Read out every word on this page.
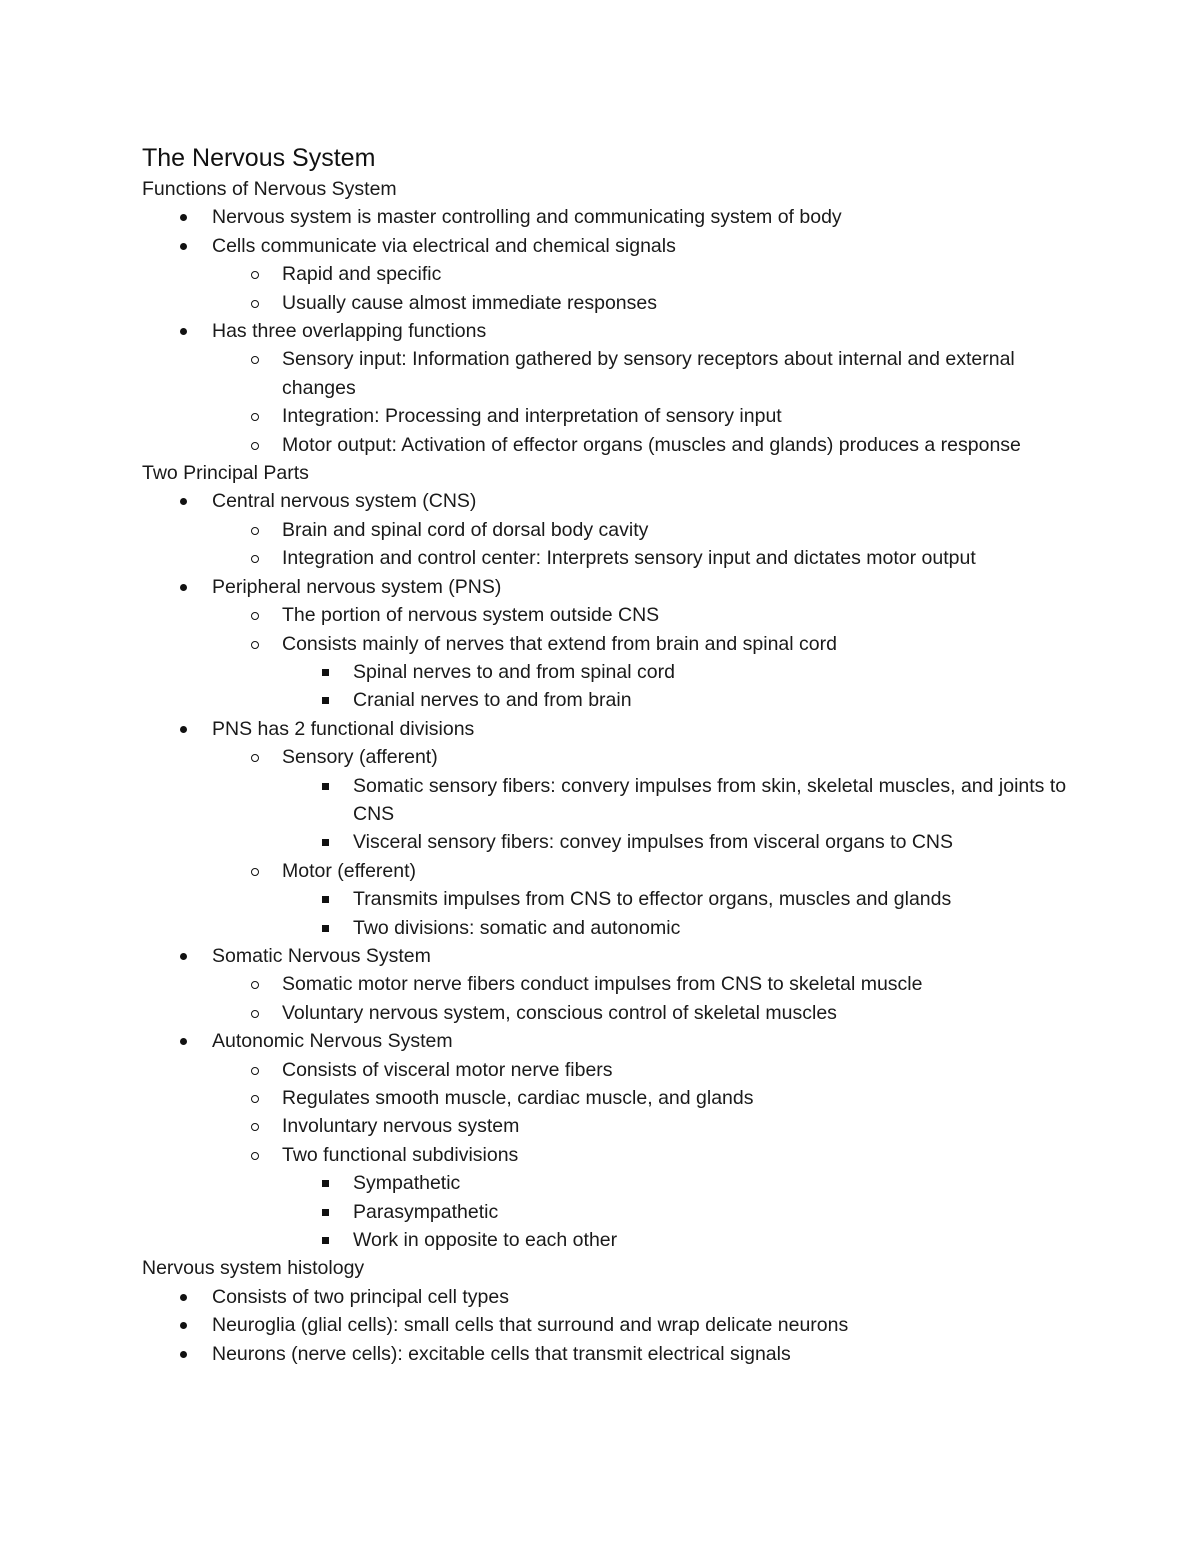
The Nervous System
Functions of Nervous System
Nervous system is master controlling and communicating system of body
Cells communicate via electrical and chemical signals
Rapid and specific
Usually cause almost immediate responses
Has three overlapping functions
Sensory input: Information gathered by sensory receptors about internal and external changes
Integration: Processing and interpretation of sensory input
Motor output: Activation of effector organs (muscles and glands) produces a response
Two Principal Parts
Central nervous system (CNS)
Brain and spinal cord of dorsal body cavity
Integration and control center: Interprets sensory input and dictates motor output
Peripheral nervous system (PNS)
The portion of nervous system outside CNS
Consists mainly of nerves that extend from brain and spinal cord
Spinal nerves to and from spinal cord
Cranial nerves to and from brain
PNS has 2 functional divisions
Sensory (afferent)
Somatic sensory fibers: convery impulses from skin, skeletal muscles, and joints to CNS
Visceral sensory fibers: convey impulses from visceral organs to CNS
Motor (efferent)
Transmits impulses from CNS to effector organs, muscles and glands
Two divisions: somatic and autonomic
Somatic Nervous System
Somatic motor nerve fibers conduct impulses from CNS to skeletal muscle
Voluntary nervous system, conscious control of skeletal muscles
Autonomic Nervous System
Consists of visceral motor nerve fibers
Regulates smooth muscle, cardiac muscle, and glands
Involuntary nervous system
Two functional subdivisions
Sympathetic
Parasympathetic
Work in opposite to each other
Nervous system histology
Consists of two principal cell types
Neuroglia (glial cells): small cells that surround and wrap delicate neurons
Neurons (nerve cells): excitable cells that transmit electrical signals
